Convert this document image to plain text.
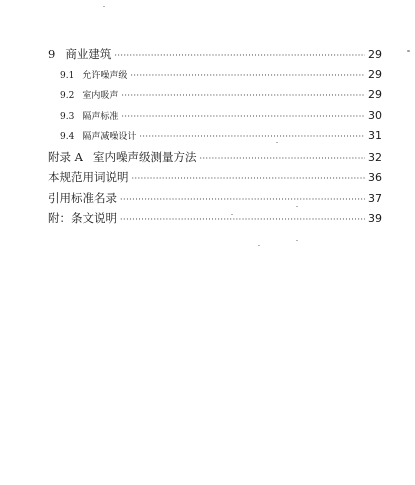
9 商业建筑 ·····	29
9.1 允许噪声级 ·····	29
9.2 室内吸声 ·····	29
9.3 隔声标准 ·····	30
9.4 隔声减噪设计 ·····	31
附录 A 室内噪声级测量方法 ·····	32
本规范用词说明 ·····	36
引用标准名录 ·····	37
附：条文说明 ·····	39
